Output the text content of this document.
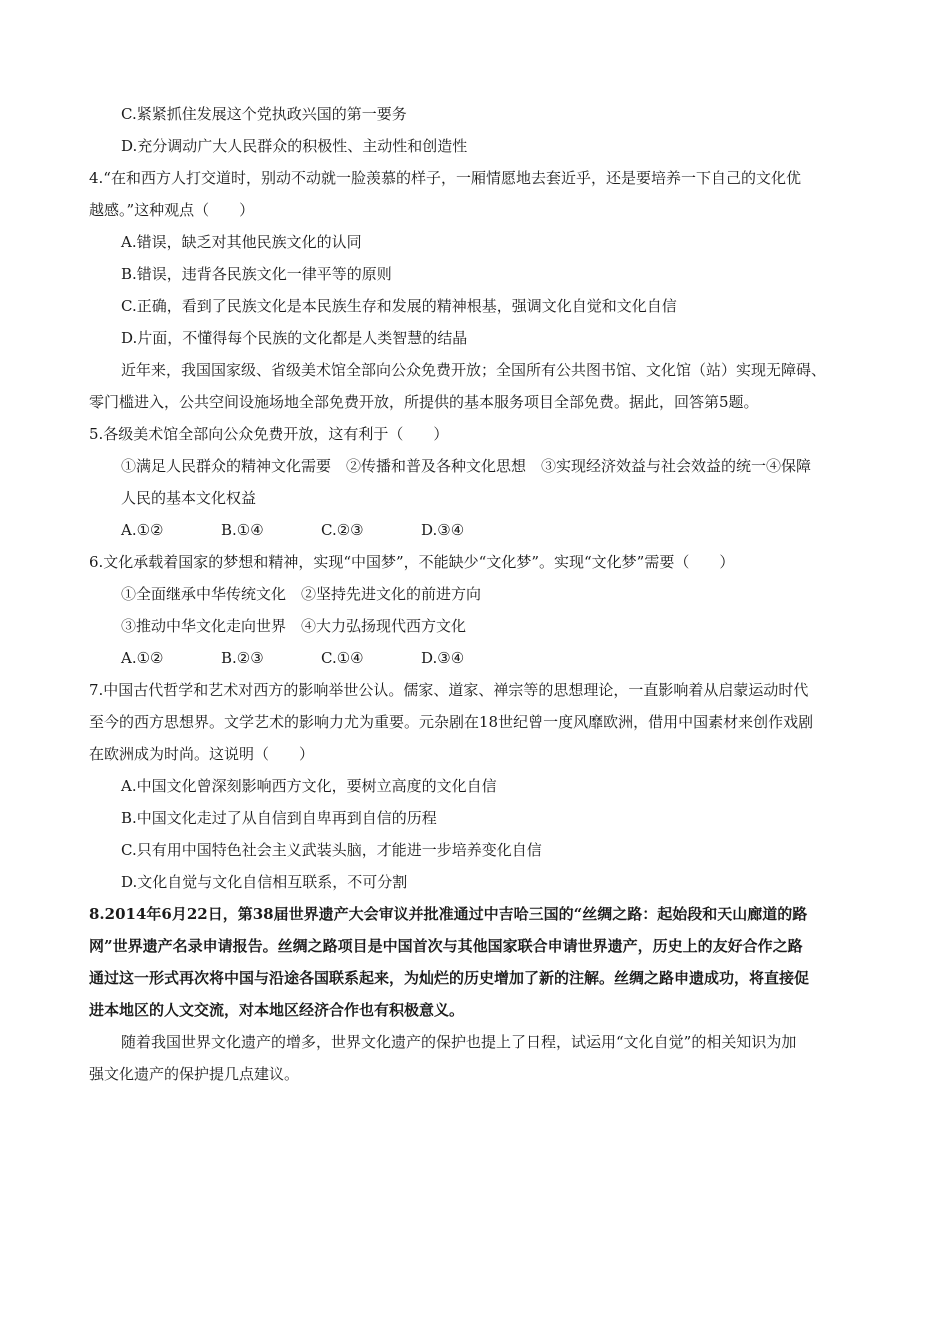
C.紧紧抓住发展这个党执政兴国的第一要务
D.充分调动广大人民群众的积极性、主动性和创造性
4.“在和西方人打交道时，别动不动就一脸羡慕的样子，一厢情愿地去套近乎，还是要培养一下自己的文化优
越感。”这种观点（　　）
A.错误，缺乏对其他民族文化的认同
B.错误，违背各民族文化一律平等的原则
C.正确，看到了民族文化是本民族生存和发展的精神根基，强调文化自觉和文化自信
D.片面，不懂得每个民族的文化都是人类智慧的结晶
近年来，我国国家级、省级美术馆全部向公众免费开放；全国所有公共图书馆、文化馆（站）实现无障碍、
零门槛进入，公共空间设施场地全部免费开放，所提供的基本服务项目全部免费。据此，回答第5题。
5.各级美术馆全部向公众免费开放，这有利于（　　）
①满足人民群众的精神文化需要　②传播和普及各种文化思想　③实现经济效益与社会效益的统一④保障
人民的基本文化权益
A.①②	B.①④	C.②③	D.③④
6.文化承载着国家的梦想和精神，实现“中国梦”，不能缺少“文化梦”。实现“文化梦”需要（　　）
①全面继承中华传统文化　②坚持先进文化的前进方向
③推动中华文化走向世界　④大力弘扬现代西方文化
A.①②	B.②③	C.①④	D.③④
7.中国古代哲学和艺术对西方的影响举世公认。儒家、道家、禅宗等的思想理论，一直影响着从启蒙运动时代
至今的西方思想界。文学艺术的影响力尤为重要。元杂剧在18世纪曾一度风靡欧洲，借用中国素材来创作戏剧
在欧洲成为时尚。这说明（　　）
A.中国文化曾深刻影响西方文化，要树立高度的文化自信
B.中国文化走过了从自信到自卑再到自信的历程
C.只有用中国特色社会主义武装头脑，才能进一步培养变化自信
D.文化自觉与文化自信相互联系，不可分割
8.2014年6月22日，第38届世界遗产大会审议并批准通过中吉哈三国的“丝绸之路：起始段和天山廊道的路
网”世界遗产名录申请报告。丝绸之路项目是中国首次与其他国家联合申请世界遗产，历史上的友好合作之路
通过这一形式再次将中国与沿途各国联系起来，为灿烂的历史增加了新的注解。丝绸之路申遗成功，将直接促
进本地区的人文交流，对本地区经济合作也有积极意义。
随着我国世界文化遗产的增多，世界文化遗产的保护也提上了日程，试运用“文化自觉”的相关知识为加
强文化遗产的保护提几点建议。
